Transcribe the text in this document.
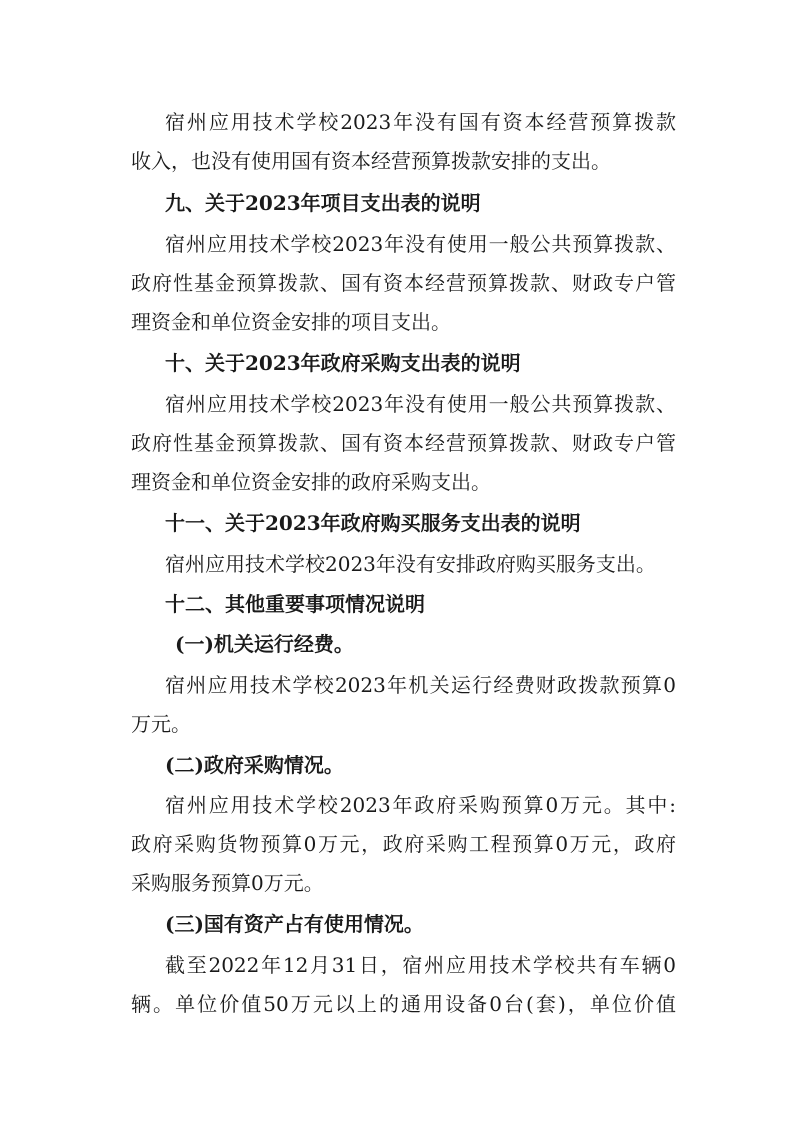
宿州应用技术学校2023年没有国有资本经营预算拨款
收入，也没有使用国有资本经营预算拨款安排的支出。
九、关于2023年项目支出表的说明
宿州应用技术学校2023年没有使用一般公共预算拨款、
政府性基金预算拨款、国有资本经营预算拨款、财政专户管
理资金和单位资金安排的项目支出。
十、关于2023年政府采购支出表的说明
宿州应用技术学校2023年没有使用一般公共预算拨款、
政府性基金预算拨款、国有资本经营预算拨款、财政专户管
理资金和单位资金安排的政府采购支出。
十一、关于2023年政府购买服务支出表的说明
宿州应用技术学校2023年没有安排政府购买服务支出。
十二、其他重要事项情况说明
(一)机关运行经费。
宿州应用技术学校2023年机关运行经费财政拨款预算0
万元。
(二)政府采购情况。
宿州应用技术学校2023年政府采购预算0万元。其中:
政府采购货物预算0万元，政府采购工程预算0万元，政府
采购服务预算0万元。
(三)国有资产占有使用情况。
截至2022年12月31日，宿州应用技术学校共有车辆0
辆。单位价值50万元以上的通用设备0台(套)，单位价值
